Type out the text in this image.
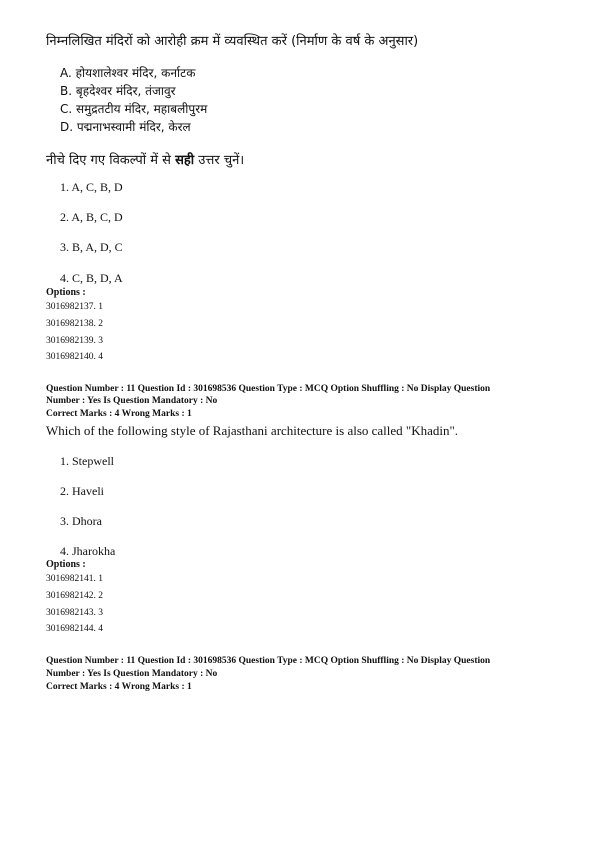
निम्नलिखित मंदिरों को आरोही क्रम में व्यवस्थित करें (निर्माण के वर्ष के अनुसार)
A. होयशालेश्वर मंदिर, कर्नाटक
B. बृहदेश्वर मंदिर, तंजावुर
C. समुद्रतटीय मंदिर, महाबलीपुरम
D. पद्मनाभस्वामी मंदिर, केरल
नीचे दिए गए विकल्पों में से सही उत्तर चुनें।
1. A, C, B, D
2. A, B, C, D
3. B, A, D, C
4. C, B, D, A
Options :
3016982137. 1
3016982138. 2
3016982139. 3
3016982140. 4
Question Number : 11 Question Id : 301698536 Question Type : MCQ Option Shuffling : No Display Question
Number : Yes Is Question Mandatory : No
Correct Marks : 4 Wrong Marks : 1
Which of the following style of Rajasthani architecture is also called "Khadin".
1. Stepwell
2. Haveli
3. Dhora
4. Jharokha
Options :
3016982141. 1
3016982142. 2
3016982143. 3
3016982144. 4
Question Number : 11 Question Id : 301698536 Question Type : MCQ Option Shuffling : No Display Question
Number : Yes Is Question Mandatory : No
Correct Marks : 4 Wrong Marks : 1
